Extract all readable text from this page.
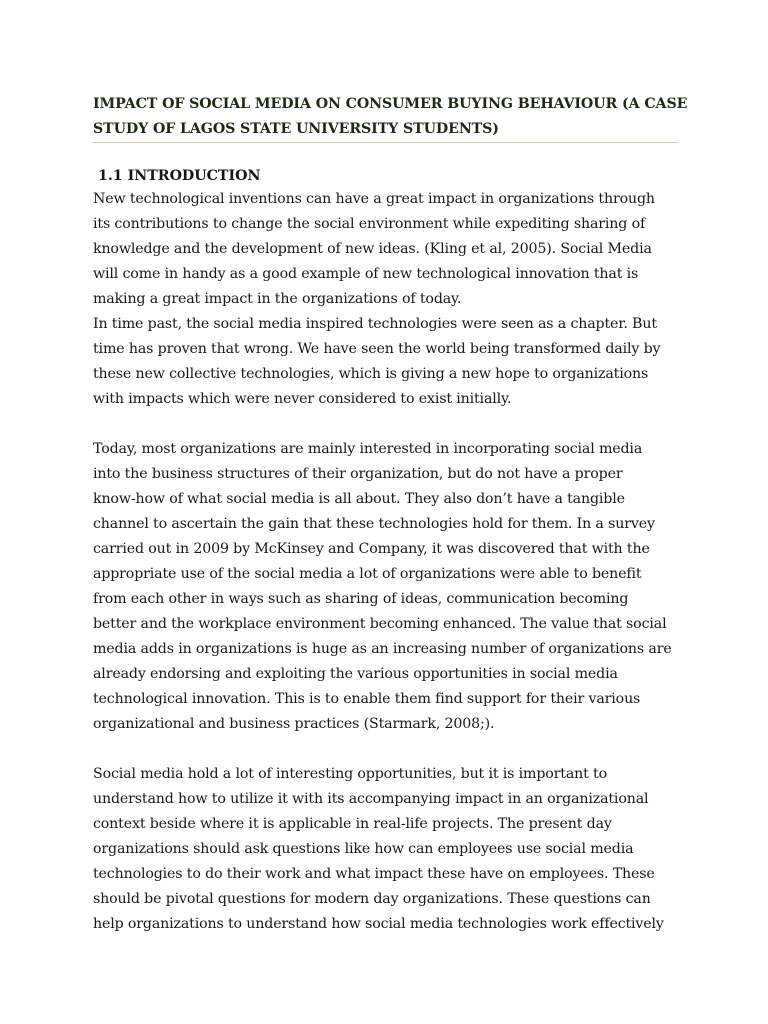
IMPACT OF SOCIAL MEDIA ON CONSUMER BUYING BEHAVIOUR (A CASE
STUDY OF LAGOS STATE UNIVERSITY STUDENTS)
1.1 INTRODUCTION

New technological inventions can have a great impact in organizations through
its contributions to change the social environment while expediting sharing of
knowledge and the development of new ideas. (Kling et al, 2005). Social Media
will come in handy as a good example of new technological innovation that is
making a great impact in the organizations of today.

In time past, the social media inspired technologies were seen as a chapter. But
time has proven that wrong. We have seen the world being transformed daily by
these new collective technologies, which is giving a new hope to organizations
with impacts which were never considered to exist initially.

Today, most organizations are mainly interested in incorporating social media
into the business structures of their organization, but do not have a proper
know-how of what social media is all about. They also don’t have a tangible
channel to ascertain the gain that these technologies hold for them. In a survey
carried out in 2009 by McKinsey and Company, it was discovered that with the
appropriate use of the social media a lot of organizations were able to benefit
from each other in ways such as sharing of ideas, communication becoming
better and the workplace environment becoming enhanced. The value that social
media adds in organizations is huge as an increasing number of organizations are
already endorsing and exploiting the various opportunities in social media
technological innovation. This is to enable them find support for their various
organizational and business practices (Starmark, 2008;).

Social media hold a lot of interesting opportunities, but it is important to
understand how to utilize it with its accompanying impact in an organizational
context beside where it is applicable in real-life projects. The present day
organizations should ask questions like how can employees use social media
technologies to do their work and what impact these have on employees. These
should be pivotal questions for modern day organizations. These questions can
help organizations to understand how social media technologies work effectively
